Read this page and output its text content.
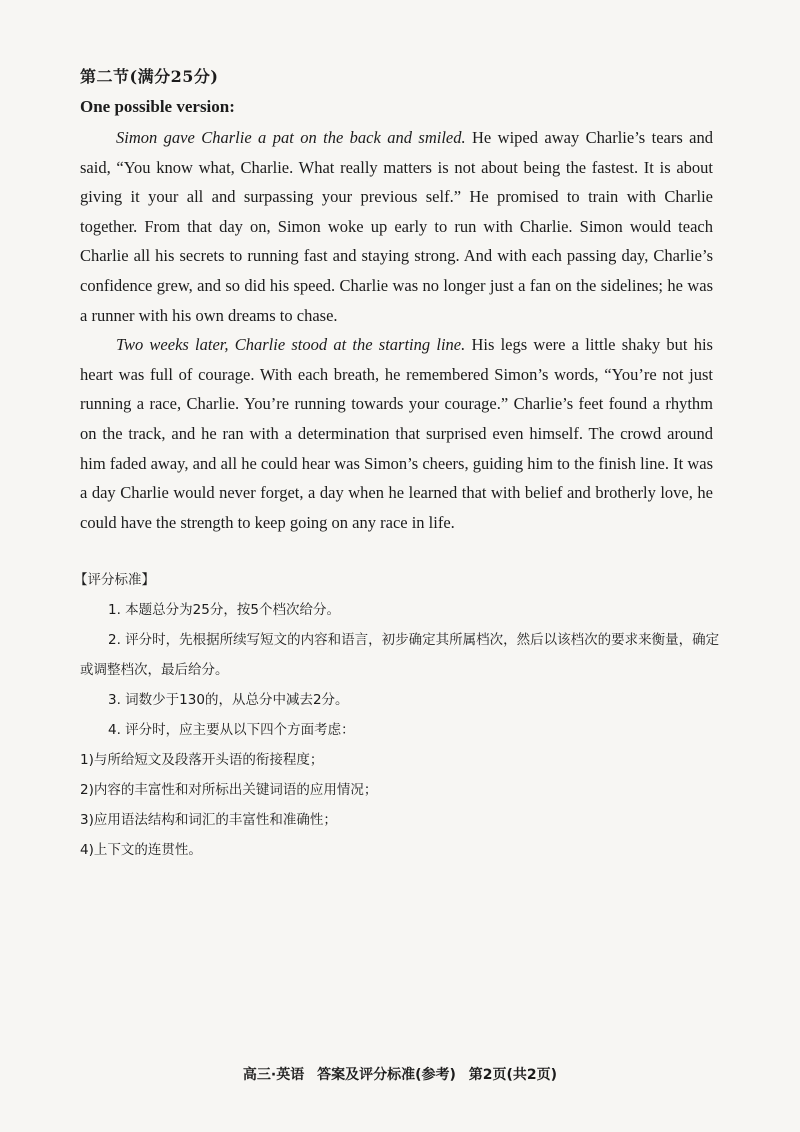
第二节(满分25分)
One possible version:

Simon gave Charlie a pat on the back and smiled. He wiped away Charlie’s tears and said, “You know what, Charlie. What really matters is not about being the fastest. It is about giving it your all and surpassing your previous self.” He promised to train with Charlie together. From that day on, Simon woke up early to run with Charlie. Simon would teach Charlie all his secrets to running fast and staying strong. And with each passing day, Charlie’s confidence grew, and so did his speed. Charlie was no longer just a fan on the sidelines; he was a runner with his own dreams to chase.

Two weeks later, Charlie stood at the starting line. His legs were a little shaky but his heart was full of courage. With each breath, he remembered Simon’s words, “You’re not just running a race, Charlie. You’re running towards your courage.” Charlie’s feet found a rhythm on the track, and he ran with a determination that surprised even himself. The crowd around him faded away, and all he could hear was Simon’s cheers, guiding him to the finish line. It was a day Charlie would never forget, a day when he learned that with belief and brotherly love, he could have the strength to keep going on any race in life.

【评分标准】
1. 本题总分为25分，按5个档次给分。
2. 评分时，先根据所续写短文的内容和语言，初步确定其所属档次，然后以该档次的要求来衡量，确定或调整档次，最后给分。
3. 词数少于130的，从总分中减去2分。
4. 评分时，应主要从以下四个方面考虑：
1)与所给短文及段落开头语的衔接程度；
2)内容的丰富性和对所标出关键词语的应用情况；
3)应用语法结构和词汇的丰富性和准确性；
4)上下文的连贯性。
高三·英语 答案及评分标准(参考) 第2页(共2页)
